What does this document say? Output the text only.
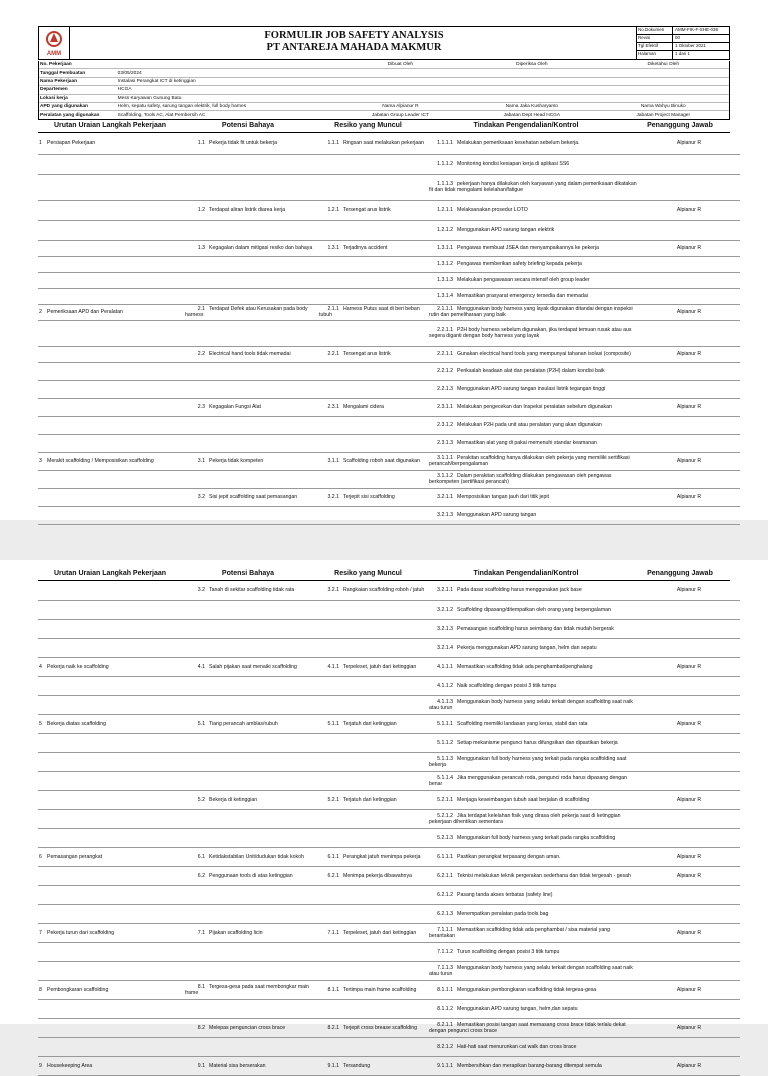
AMM
FORMULIR JOB SAFETY ANALYSIS
PT ANTAREJA MAHADA MAKMUR
No.Dokumen	AMM-FIK-F-SHE-038
Revisi	00
Tgl Efektif	1 Oktober 2021
Halaman	1 dari 1
No. Pekerjaan	Dibuat Oleh	Diperiksa Oleh	Diketahui Oleh
Tanggal Pembuatan	03/05/2024
Nama Pekerjaan	Instalasi Perangkat ICT di ketinggian
Departemen	HCGA
Lokasi kerja	Mess Karyawan Gunung Batu
APD yang digunakan	Helm, sepatu safety, sarung tangan elektrik, full body harnes	Nama Alpianur R	Nama Jaka Kusharyanto	Nama Wahyu Binuko
Peralatan yang digunakan	Scaffolding, Tools AC, Alat Pembersih AC	Jabatan Group Leader ICT	Jabatan Dept Head HCGA	Jabatan Project Manager
Urutan Uraian Langkah Pekerjaan	Potensi Bahaya	Resiko yang Muncul	Tindakan Pengendalian/Kontrol	Penanggung Jawab
1 Persiapan Pekerjaan	1.1 Pekerja tidak fit untuk bekerja	1.1.1 Ringsan saat melakukan pekerjaan	1.1.1.1 Melakukan pemeriksaan kesehatan sebelum bekerja.	Alpianur R
			1.1.1.2 Monitoring kondisi kesiapan kerja di aplikasi SS6	
			1.1.1.3 pekerjaan hanya dilakukan oleh karyawan yang dalam pemeriksaan dikatakan fit dan tidak mengalami kelelahan/fatigue	
	1.2 Terdapat aliran listrik diarea kerja	1.2.1 Tersengat arus listrik	1.2.1.1 Melaksanakan prosedur LOTO	Alpianur R
			1.2.1.2 Menggunakan APD sarung tangan elektrik	
	1.3 Kegagalan dalam mitigasi resiko dan bahaya	1.3.1 Terjadinya accident	1.3.1.1 Pengawas membuat JSEA dan menyampaikannya ke pekerja	Alpianur R
			1.3.1.2 Pengawas memberikan safety briefing kepada pekerja	
			1.3.1.3 Melakukan pengawasan secara intensif oleh group leader	
			1.3.1.4 Memastikan prasyarat emergency tersedia dan memadai	
2 Pemeriksaan APD dan Peralatan	2.1 Terdapat Defek atau Kerusakan pada body harness	2.1.1 Harness Putus saat di beri beban tubuh	2.1.1.1 Menggunakan body harness yang layak digunakan ditandai dengan inspeksi rutin dan pemeliharaan yang baik	Alpianur R
			2.2.1.1 P2H body harness sebelum digunakan, jika terdapat temuan rusak atau aus segera diganti dengan body harness yang layak	
	2.2 Electrical hand tools tidak memadai	2.2.1 Tersengat arus listrik	2.2.1.1 Gunakan electrical hand tools yang mempunyai tahanan isolasi (composite)	Alpianur R
			2.2.1.2 Periksalah keadaan alat dan peralatan (P2H) dalam kondisi baik	
			2.2.1.3 Menggunakan APD sarung tangan insulasi listrik tegangan tinggi	
	2.3 Kegagalan Fungsi Alat	2.3.1 Mengalami cidera	2.3.1.1 Melakukan pengecekan dan Inspeksi peralatan sebelum digunakan	Alpianur R
			2.3.1.2 Melakukan P2H pada unit atau peralatan yang akan digunakan	
			2.3.1.3 Memastikan alat yang di pakai memenuhi standar keamanan	
3 Merakit scaffolding / Memposisikan scaffolding	3.1 Pekerja tidak kompeten	3.1.1 Scaffolding roboh saat digunakan	3.1.1.1 Perakitan scaffolding hanya dilakukan oleh pekerja yang memiliki sertifikasi perancah/berpengalaman	Alpianur R
			3.1.1.2 Dalam perakitan scaffolding dilakukan pengawasan oleh pengawas berkompeten (sertifikasi perancah)	
	3.2 Sisi jepit scaffolding saat pemasangan	3.2.1 Terjepit sisi scaffolding	3.2.1.1 Memposisikan tangan jauh dari titik jepit	Alpianur R
			3.2.1.3 Menggunakan APD sarung tangan	
Urutan Uraian Langkah Pekerjaan	Potensi Bahaya	Resiko yang Muncul	Tindakan Pengendalian/Kontrol	Penanggung Jawab
	3.2 Tanah di sekitar scaffolding tidak rata	3.2.1 Rangkaian scaffolding roboh / jatuh	3.2.1.1 Pada dasar scaffolding harus menggunakan jack base	Alpianur R
			3.2.1.2 Scaffolding dipasang/ditempatkan oleh orang yang berpengalaman	
			3.2.1.3 Pemasangan scaffolding harus seimbang dan tidak mudah bergerak	
			3.2.1.4 Pekerja menggunakan APD sarung tangan, helm dan sepatu	
4 Pekerja naik ke scaffolding	4.1 Salah pijakan saat menaiki scaffolding	4.1.1 Terpeleset, jatuh dari ketinggian	4.1.1.1 Memastikan scaffolding tidak ada penghambat/penghalang	Alpianur R
			4.1.1.2 Naik scaffolding dengan posisi 3 titik tumpu	
			4.1.1.3 Menggunakan body harness yang selalu terkait dengan scaffolding saat naik atau turun	
5 Bekerja diatas scaffolding	5.1 Tiang perancah amblas/rubuh	5.1.1 Terjatuh dari ketinggian	5.1.1.1 Scaffolding memiliki landasan yang keras, stabil dan rata	Alpianur R
			5.1.1.2 Setiap mekanisme pengunci harus difungsikan dan dipastikan bekerja	
			5.1.1.3 Menggunakan full body harness yang terkait pada rangka scaffolding saat bekerja	
			5.1.1.4 Jika menggunakan perancah roda, pengunci roda harus dipasang dengan benar	
	5.2 Bekerja di ketinggian	5.2.1 Terjatuh dari ketinggian	5.2.1.1 Menjaga keseimbangan tubuh saat berjalan di scaffolding	Alpianur R
			5.2.1.2 Jika terdapat kelelahan fisik yang dirasa oleh pekerja saat di ketinggian pekerjaan dihentikan sementara	
			5.2.1.3 Menggunakan full body harness yang terkait pada rangka scaffolding	
6 Pemasangan perangkat	6.1 Ketidakstabilan Unit/dudukan tidak kokoh	6.1.1 Perangkat jatuh menimpa pekerja	6.1.1.1 Pastikan perangkat terpasang dengan aman.	Alpianur R
	6.2 Penggunaan tools di atas ketinggian	6.2.1 Menimpa pekerja dibawahnya	6.2.1.1 Teknisi melakukan teknik pergerakan sederhana dan tidak tergesah - gesah	Alpianur R
			6.2.1.2 Pasang tanda akses terbatas (safety line)	
			6.2.1.3 Menempatkan peralatan pada tools bag	
7 Pekerja turun dari scaffolding	7.1 Pijakan scaffolding licin	7.1.1 Terpeleset, jatuh dari ketinggian	7.1.1.1 Memastikan scaffolding tidak ada penghambat / sisa material yang berantakan	Alpianur R
			7.1.1.2 Turun scaffolding dengan posisi 3 titik tumpu	
			7.1.1.3 Menggunakan body harness yang selalu terkait dengan scaffolding saat naik atau turun	
8 Pembongkaran scaffolding	8.1 Tergesa-gesa pada saat membongkar main frame	8.1.1 Tertimpa main frame scaffolding	8.1.1.1 Menggunakan pembongkaran scaffolding tidak tergesa-gesa	Alpianur R
			8.1.1.2 Menggunakan APD sarung tangan, helm,dan sepatu	
	8.2 Melepas penguncian cross brace	8.2.1 Terjepit cross brease scaffolding	8.2.1.1 Memastikan posisi tangan saat memasang cross brace tidak terlalu dekat dengan pengunci cross brace	Alpianur R
			8.2.1.2 Hati-hati saat menurunkan cat walk dan cross brace	
9 Housekeeping Area	9.1 Material sisa berserakan	9.1.1 Tersandung	9.1.1.1 Membersihkan dan merapikan barang-barang ditempat semula	Alpianur R
